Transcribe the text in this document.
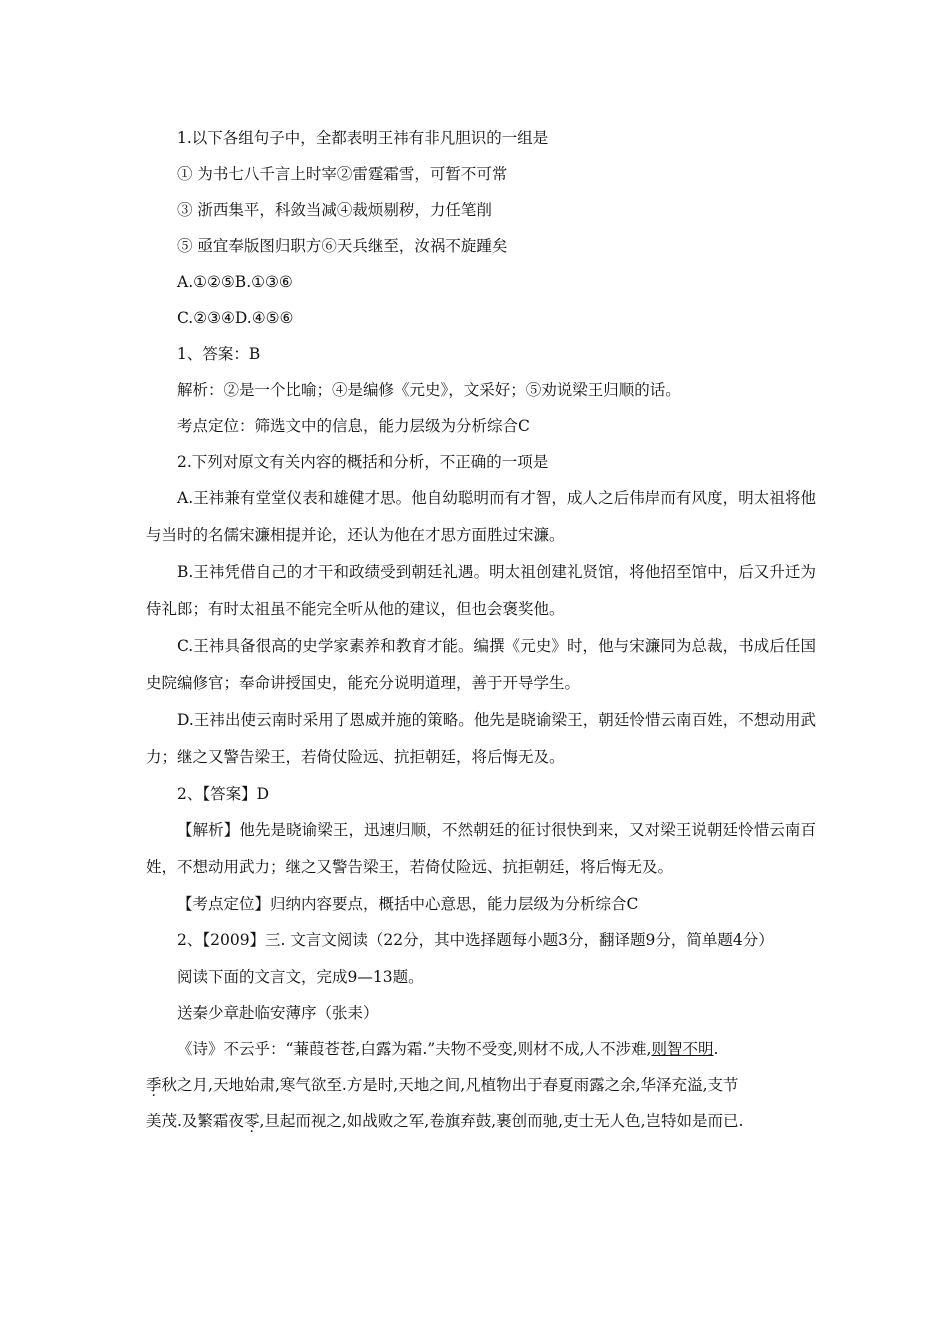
1.以下各组句子中，全都表明王祎有非凡胆识的一组是

① 为书七八千言上时宰②雷霆霜雪，可暂不可常

③ 浙西集平，科敛当减④裁烦剔秽，力任笔削

⑤ 亟宜奉版图归职方⑥天兵继至，汝祸不旋踵矣

A.①②⑤B.①③⑥

C.②③④D.④⑤⑥

1、答案：B

解析：②是一个比喻；④是编修《元史》，文采好；⑤劝说梁王归顺的话。

考点定位：筛选文中的信息，能力层级为分析综合C

2.下列对原文有关内容的概括和分析，不正确的一项是

A.王祎兼有堂堂仪表和雄健才思。他自幼聪明而有才智，成人之后伟岸而有风度，明太祖将他与当时的名儒宋濂相提并论，还认为他在才思方面胜过宋濂。

B.王祎凭借自己的才干和政绩受到朝廷礼遇。明太祖创建礼贤馆，将他招至馆中，后又升迁为侍礼郎；有时太祖虽不能完全听从他的建议，但也会褒奖他。

C.王祎具备很高的史学家素养和教育才能。编撰《元史》时，他与宋濂同为总裁，书成后任国史院编修官；奉命讲授国史，能充分说明道理，善于开导学生。

D.王祎出使云南时采用了恩威并施的策略。他先是晓谕梁王，朝廷怜惜云南百姓，不想动用武力；继之又警告梁王，若倚仗险远、抗拒朝廷，将后悔无及。

2、【答案】D

【解析】他先是晓谕梁王，迅速归顺，不然朝廷的征讨很快到来，又对梁王说朝廷怜惜云南百姓，不想动用武力；继之又警告梁王，若倚仗险远、抗拒朝廷，将后悔无及。

【考点定位】归纳内容要点，概括中心意思，能力层级为分析综合C

2、【2009】三. 文言文阅读（22分，其中选择题每小题3分，翻译题9分，简单题4分）

阅读下面的文言文，完成9—13题。

送秦少章赴临安薄序（张耒）

《诗》不云乎：“蒹葭苍苍,白露为霜.”夫物不受变,则材不成,人不涉难,则智不明.

季秋之月,天地始肃,寒气欲至.方是时,天地之间,凡植物出于春夏雨露之余,华泽充溢,支节

美茂.及繁霜夜零,旦起而视之,如战败之军,卷旗弃鼓,裹创而驰,吏士无人色,岂特如是而已.
